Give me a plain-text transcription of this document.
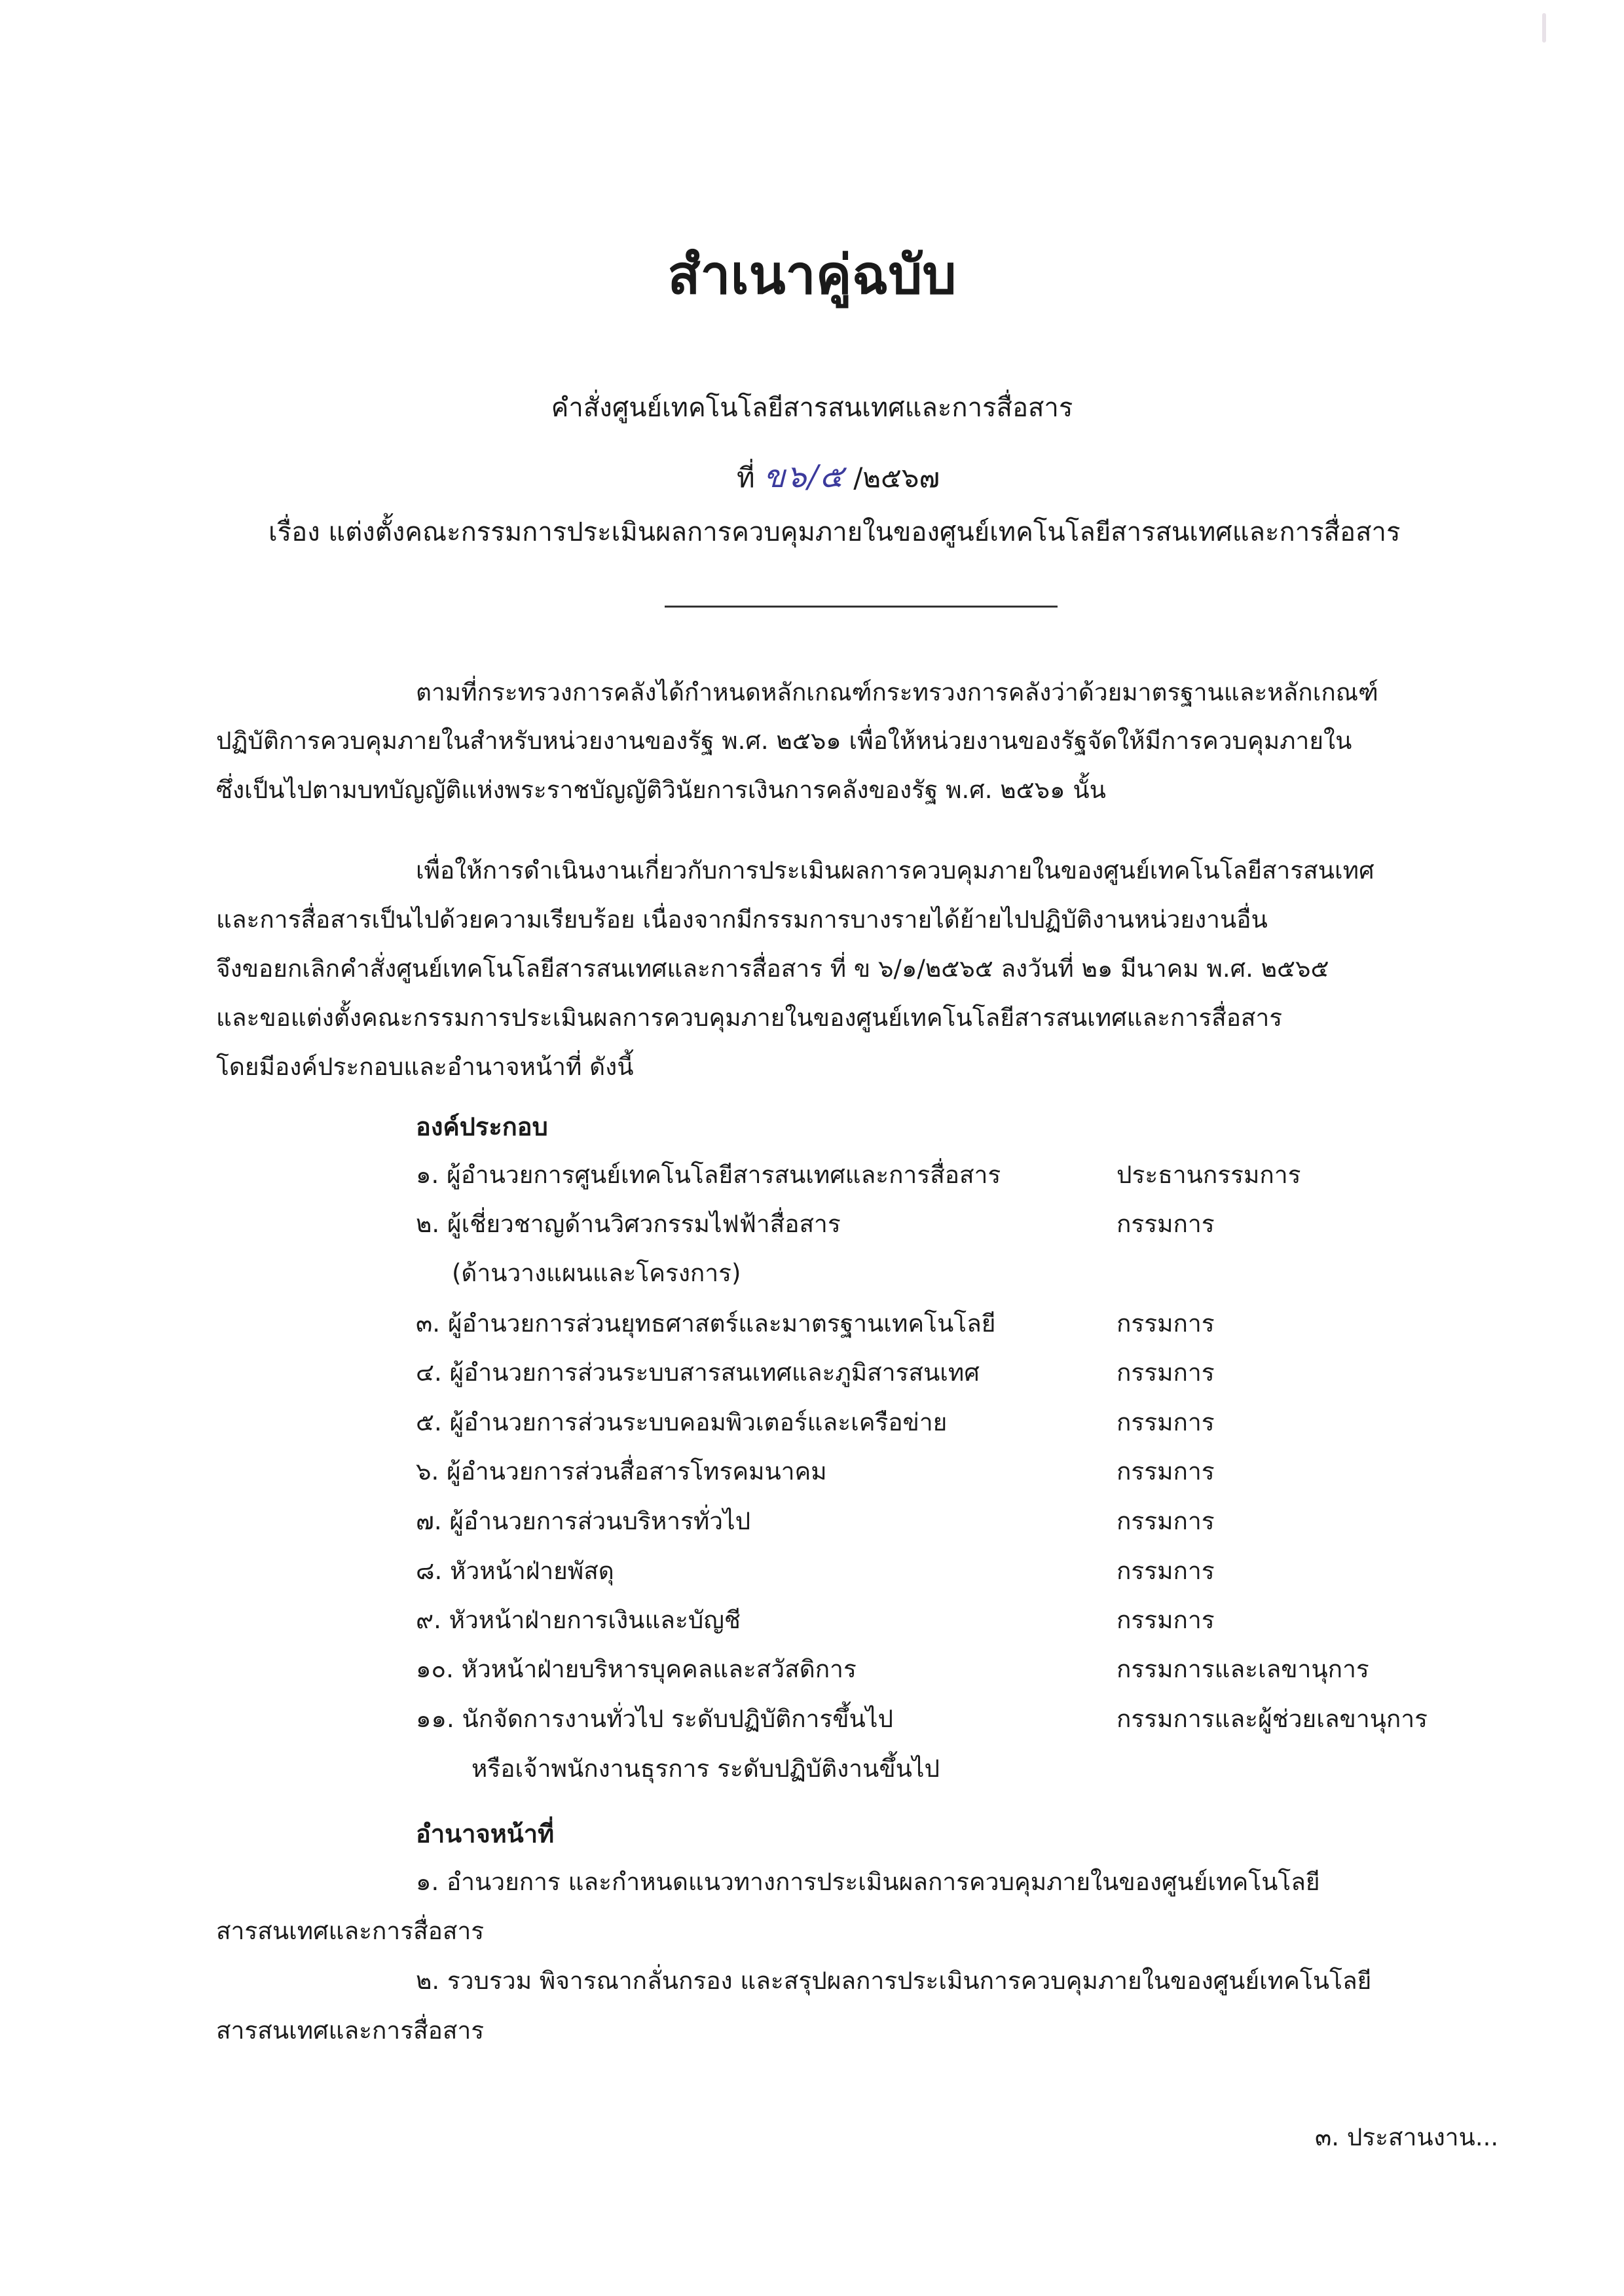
สำเนาคู่ฉบับ
คำสั่งศูนย์เทคโนโลยีสารสนเทศและการสื่อสาร
ที่ ข๖/๕ /๒๕๖๗
เรื่อง แต่งตั้งคณะกรรมการประเมินผลการควบคุมภายในของศูนย์เทคโนโลยีสารสนเทศและการสื่อสาร
ตามที่กระทรวงการคลังได้กำหนดหลักเกณฑ์กระทรวงการคลังว่าด้วยมาตรฐานและหลักเกณฑ์
ปฏิบัติการควบคุมภายในสำหรับหน่วยงานของรัฐ พ.ศ. ๒๕๖๑ เพื่อให้หน่วยงานของรัฐจัดให้มีการควบคุมภายใน
ซึ่งเป็นไปตามบทบัญญัติแห่งพระราชบัญญัติวินัยการเงินการคลังของรัฐ พ.ศ. ๒๕๖๑ นั้น
เพื่อให้การดำเนินงานเกี่ยวกับการประเมินผลการควบคุมภายในของศูนย์เทคโนโลยีสารสนเทศ
และการสื่อสารเป็นไปด้วยความเรียบร้อย เนื่องจากมีกรรมการบางรายได้ย้ายไปปฏิบัติงานหน่วยงานอื่น
จึงขอยกเลิกคำสั่งศูนย์เทคโนโลยีสารสนเทศและการสื่อสาร ที่ ข ๖/๑/๒๕๖๕ ลงวันที่ ๒๑ มีนาคม พ.ศ. ๒๕๖๕
และขอแต่งตั้งคณะกรรมการประเมินผลการควบคุมภายในของศูนย์เทคโนโลยีสารสนเทศและการสื่อสาร
โดยมีองค์ประกอบและอำนาจหน้าที่ ดังนี้
องค์ประกอบ
๑. ผู้อำนวยการศูนย์เทคโนโลยีสารสนเทศและการสื่อสาร	ประธานกรรมการ
๒. ผู้เชี่ยวชาญด้านวิศวกรรมไฟฟ้าสื่อสาร	กรรมการ
(ด้านวางแผนและโครงการ)
๓. ผู้อำนวยการส่วนยุทธศาสตร์และมาตรฐานเทคโนโลยี	กรรมการ
๔. ผู้อำนวยการส่วนระบบสารสนเทศและภูมิสารสนเทศ	กรรมการ
๕. ผู้อำนวยการส่วนระบบคอมพิวเตอร์และเครือข่าย	กรรมการ
๖. ผู้อำนวยการส่วนสื่อสารโทรคมนาคม	กรรมการ
๗. ผู้อำนวยการส่วนบริหารทั่วไป	กรรมการ
๘. หัวหน้าฝ่ายพัสดุ	กรรมการ
๙. หัวหน้าฝ่ายการเงินและบัญชี	กรรมการ
๑๐. หัวหน้าฝ่ายบริหารบุคคลและสวัสดิการ	กรรมการและเลขานุการ
๑๑. นักจัดการงานทั่วไป ระดับปฏิบัติการขึ้นไป	กรรมการและผู้ช่วยเลขานุการ
หรือเจ้าพนักงานธุรการ ระดับปฏิบัติงานขึ้นไป
อำนาจหน้าที่
๑. อำนวยการ และกำหนดแนวทางการประเมินผลการควบคุมภายในของศูนย์เทคโนโลยี
สารสนเทศและการสื่อสาร
๒. รวบรวม พิจารณากลั่นกรอง และสรุปผลการประเมินการควบคุมภายในของศูนย์เทคโนโลยี
สารสนเทศและการสื่อสาร
๓. ประสานงาน...
